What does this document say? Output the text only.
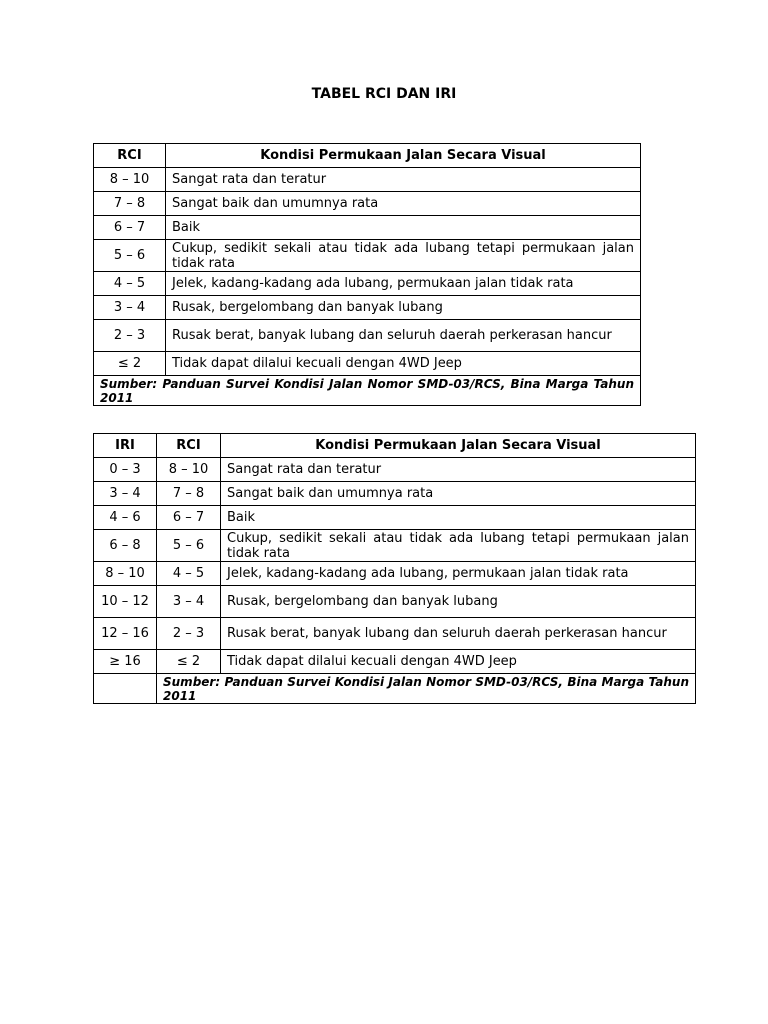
TABEL RCI DAN IRI
RCI	Kondisi Permukaan Jalan Secara Visual
8 – 10	Sangat rata dan teratur
7 – 8	Sangat baik dan umumnya rata
6 – 7	Baik
5 – 6	Cukup, sedikit sekali atau tidak ada lubang tetapi permukaan jalan tidak rata
4 – 5	Jelek, kadang-kadang ada lubang, permukaan jalan tidak rata
3 – 4	Rusak, bergelombang dan banyak lubang
2 – 3	Rusak berat, banyak lubang dan seluruh daerah perkerasan hancur
≤ 2	Tidak dapat dilalui kecuali dengan 4WD Jeep
Sumber: Panduan Survei Kondisi Jalan Nomor SMD-03/RCS, Bina Marga Tahun 2011	
IRI	RCI	Kondisi Permukaan Jalan Secara Visual
0 – 3	8 – 10	Sangat rata dan teratur
3 – 4	7 – 8	Sangat baik dan umumnya rata
4 – 6	6 – 7	Baik
6 – 8	5 – 6	Cukup, sedikit sekali atau tidak ada lubang tetapi permukaan jalan tidak rata
8 – 10	4 – 5	Jelek, kadang-kadang ada lubang, permukaan jalan tidak rata
10 – 12	3 – 4	Rusak, bergelombang dan banyak lubang
12 – 16	2 – 3	Rusak berat, banyak lubang dan seluruh daerah perkerasan hancur
≥ 16	≤ 2	Tidak dapat dilalui kecuali dengan 4WD Jeep
	Sumber: Panduan Survei Kondisi Jalan Nomor SMD-03/RCS, Bina Marga Tahun 2011	
